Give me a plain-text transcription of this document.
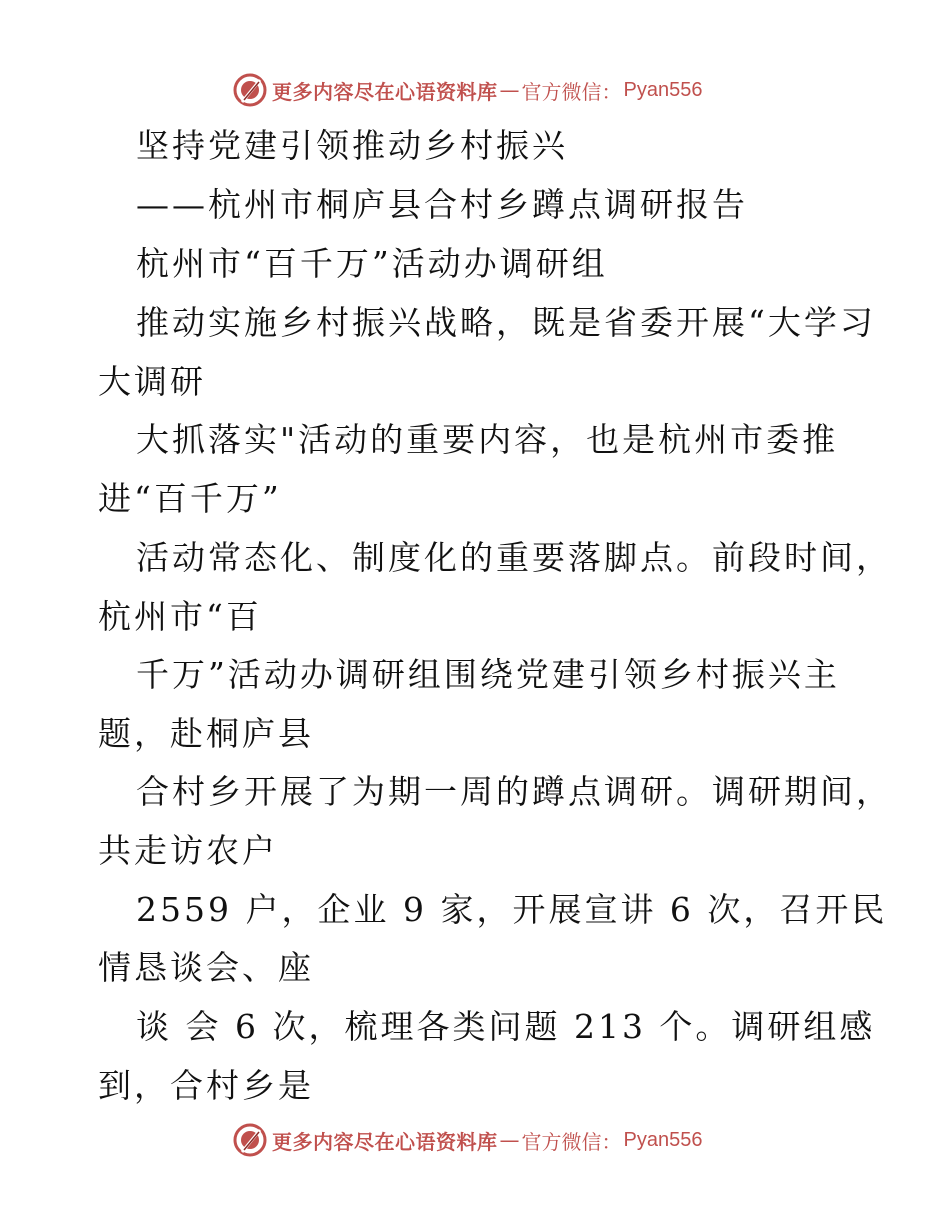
更多内容尽在心语资料库 — 官方微信： Pyan556
坚持党建引领推动乡村振兴
——杭州市桐庐县合村乡蹲点调研报告
杭州市“百千万”活动办调研组
推动实施乡村振兴战略，既是省委开展“大学习
大调研
大抓落实"活动的重要内容，也是杭州市委推
进“百千万”
活动常态化、制度化的重要落脚点。前段时间，
杭州市“百
千万”活动办调研组围绕党建引领乡村振兴主
题，赴桐庐县
合村乡开展了为期一周的蹲点调研。调研期间，
共走访农户
2559 户，企业 9 家，开展宣讲 6 次，召开民
情恳谈会、座
谈 会 6 次，梳理各类问题 213 个。调研组感
到，合村乡是
更多内容尽在心语资料库 — 官方微信： Pyan556
